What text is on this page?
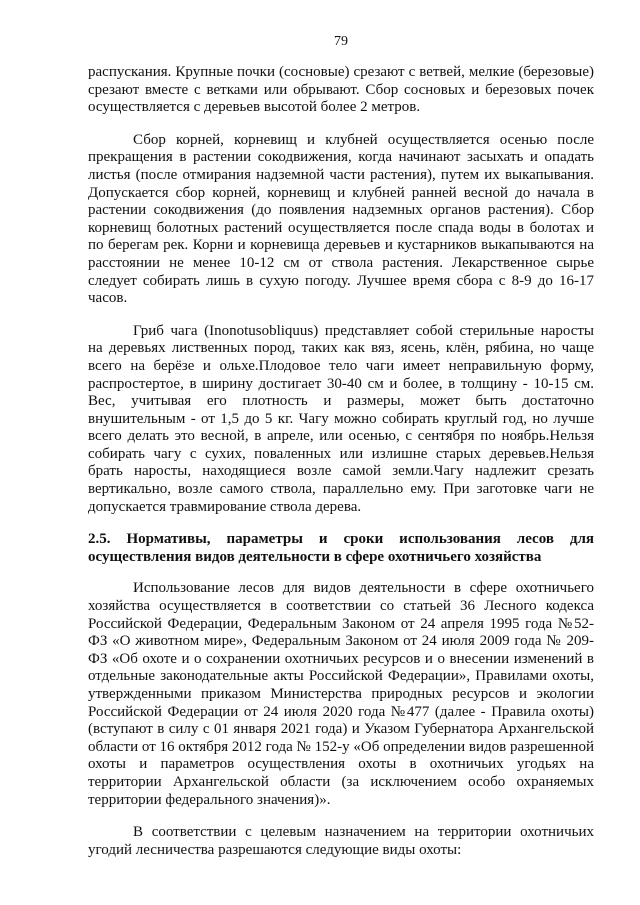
79

распускания. Крупные почки (сосновые) срезают с ветвей, мелкие (березовые) срезают вместе с ветками или обрывают. Сбор сосновых и березовых почек осуществляется с деревьев высотой более 2 метров.

Сбор корней, корневищ и клубней осуществляется осенью после прекращения в растении сокодвижения, когда начинают засыхать и опадать листья (после отмирания надземной части растения), путем их выкапывания. Допускается сбор корней, корневищ и клубней ранней весной до начала в растении сокодвижения (до появления надземных органов растения). Сбор корневищ болотных растений осуществляется после спада воды в болотах и по берегам рек. Корни и корневища деревьев и кустарников выкапываются на расстоянии не менее 10-12 см от ствола растения. Лекарственное сырье следует собирать лишь в сухую погоду. Лучшее время сбора с 8-9 до 16-17 часов.

Гриб чага (Inonotusobliquus) представляет собой стерильные наросты на деревьях лиственных пород, таких как вяз, ясень, клён, рябина, но чаще всего на берёзе и ольхе.Плодовое тело чаги имеет неправильную форму, распростертое, в ширину достигает 30-40 см и более, в толщину - 10-15 см. Вес, учитывая его плотность и размеры, может быть достаточно внушительным - от 1,5 до 5 кг. Чагу можно собирать круглый год, но лучше всего делать это весной, в апреле, или осенью, с сентября по ноябрь.Нельзя собирать чагу с сухих, поваленных или излишне старых деревьев.Нельзя брать наросты, находящиеся возле самой земли.Чагу надлежит срезать вертикально, возле самого ствола, параллельно ему. При заготовке чаги не допускается травмирование ствола дерева.

2.5. Нормативы, параметры и сроки использования лесов для осуществления видов деятельности в сфере охотничьего хозяйства

Использование лесов для видов деятельности в сфере охотничьего хозяйства осуществляется в соответствии со статьей 36 Лесного кодекса Российской Федерации, Федеральным Законом от 24 апреля 1995 года №52-ФЗ «О животном мире», Федеральным Законом от 24 июля 2009 года № 209-ФЗ «Об охоте и о сохранении охотничьих ресурсов и о внесении изменений в отдельные законодательные акты Российской Федерации», Правилами охоты, утвержденными приказом Министерства природных ресурсов и экологии Российской Федерации от 24 июля 2020 года №477 (далее - Правила охоты) (вступают в силу с 01 января 2021 года) и Указом Губернатора Архангельской области от 16 октября 2012 года № 152-у «Об определении видов разрешенной охоты и параметров осуществления охоты в охотничьих угодьях на территории Архангельской области (за исключением особо охраняемых территории федерального значения)».

В соответствии с целевым назначением на территории охотничьих угодий лесничества разрешаются следующие виды охоты:
